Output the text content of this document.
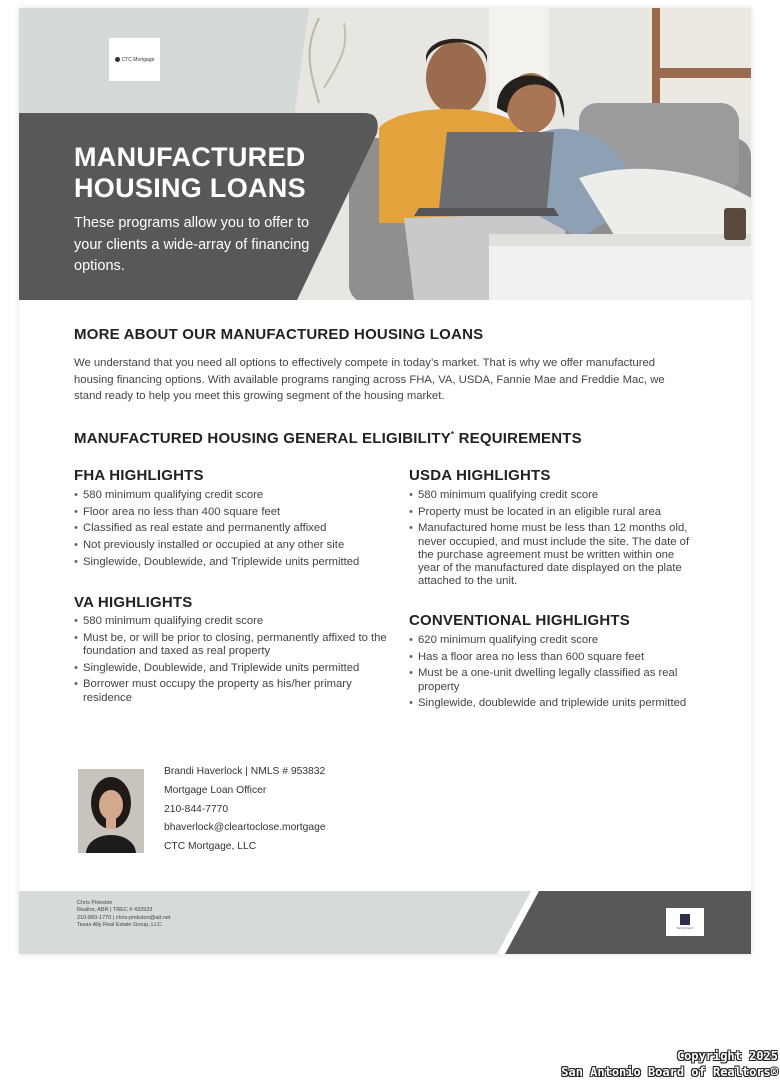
CTC Mortgage
MANUFACTURED
HOUSING LOANS
These programs allow you to offer to your clients a wide-array of financing options.
MORE ABOUT OUR MANUFACTURED HOUSING LOANS
We understand that you need all options to effectively compete in today’s market. That is why we offer manufactured housing financing options. With available programs ranging across FHA, VA, USDA, Fannie Mae and Freddie Mac, we stand ready to help you meet this growing segment of the housing market.
MANUFACTURED HOUSING GENERAL ELIGIBILITY* REQUIREMENTS
FHA HIGHLIGHTS
• 580 minimum qualifying credit score
• Floor area no less than 400 square feet
• Classified as real estate and permanently affixed
• Not previously installed or occupied at any other site
• Singlewide, Doublewide, and Triplewide units permitted
VA HIGHLIGHTS
• 580 minimum qualifying credit score
• Must be, or will be prior to closing, permanently affixed to the foundation and taxed as real property
• Singlewide, Doublewide, and Triplewide units permitted
• Borrower must occupy the property as his/her primary residence
USDA HIGHLIGHTS
• 580 minimum qualifying credit score
• Property must be located in an eligible rural area
• Manufactured home must be less than 12 months old, never occupied, and must include the site. The date of the purchase agreement must be written within one year of the manufactured date displayed on the plate attached to the unit.
CONVENTIONAL HIGHLIGHTS
• 620 minimum qualifying credit score
• Has a floor area no less than 600 square feet
• Must be a one-unit dwelling legally classified as real property
• Singlewide, doublewide and triplewide units permitted
Brandi Haverlock | NMLS # 953832
Mortgage Loan Officer
210-844-7770
bhaverlock@cleartoclose.mortgage
CTC Mortgage, LLC
Chris Pinkston
Realtor, ABR | TREC # 432923
210-860-1770 | chris-pinkston@att.net
Texas Ally Real Estate Group, LLC.
TEXAS ALLY
Copyright 2025
San Antonio Board of Realtors®
